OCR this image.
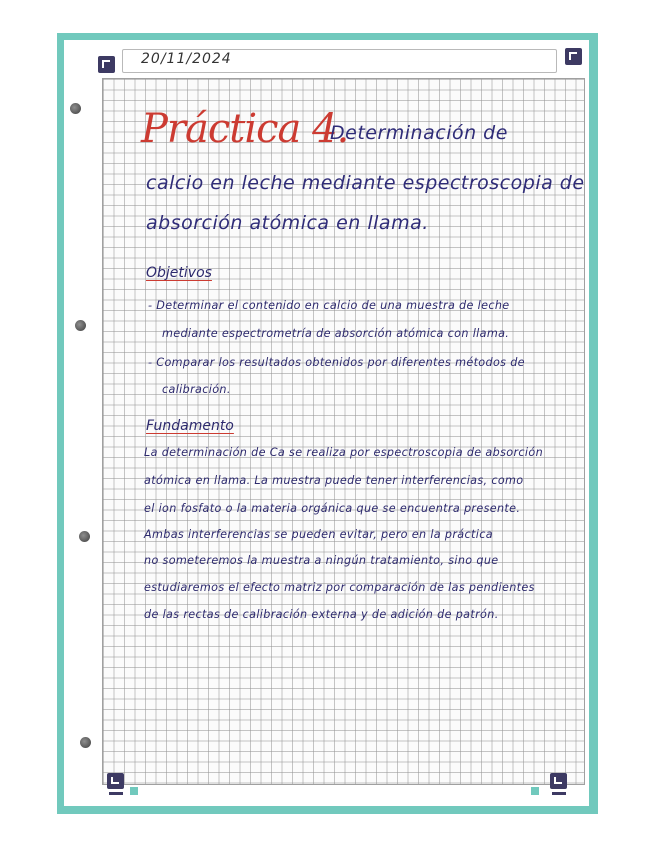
20/11/2024
Práctica 4.
Determinación de
calcio en leche mediante espectroscopia de
absorción atómica en llama.
Objetivos
- Determinar el contenido en calcio de una muestra de leche
mediante espectrometría de absorción atómica con llama.
- Comparar los resultados obtenidos por diferentes métodos de
calibración.
Fundamento
La determinación de Ca se realiza por espectroscopia de absorción
atómica en llama. La muestra puede tener interferencias, como
el ion fosfato o la materia orgánica que se encuentra presente.
Ambas interferencias se pueden evitar, pero en la práctica
no someteremos la muestra a ningún tratamiento, sino que
estudiaremos el efecto matriz por comparación de las pendientes
de las rectas de calibración externa y de adición de patrón.
